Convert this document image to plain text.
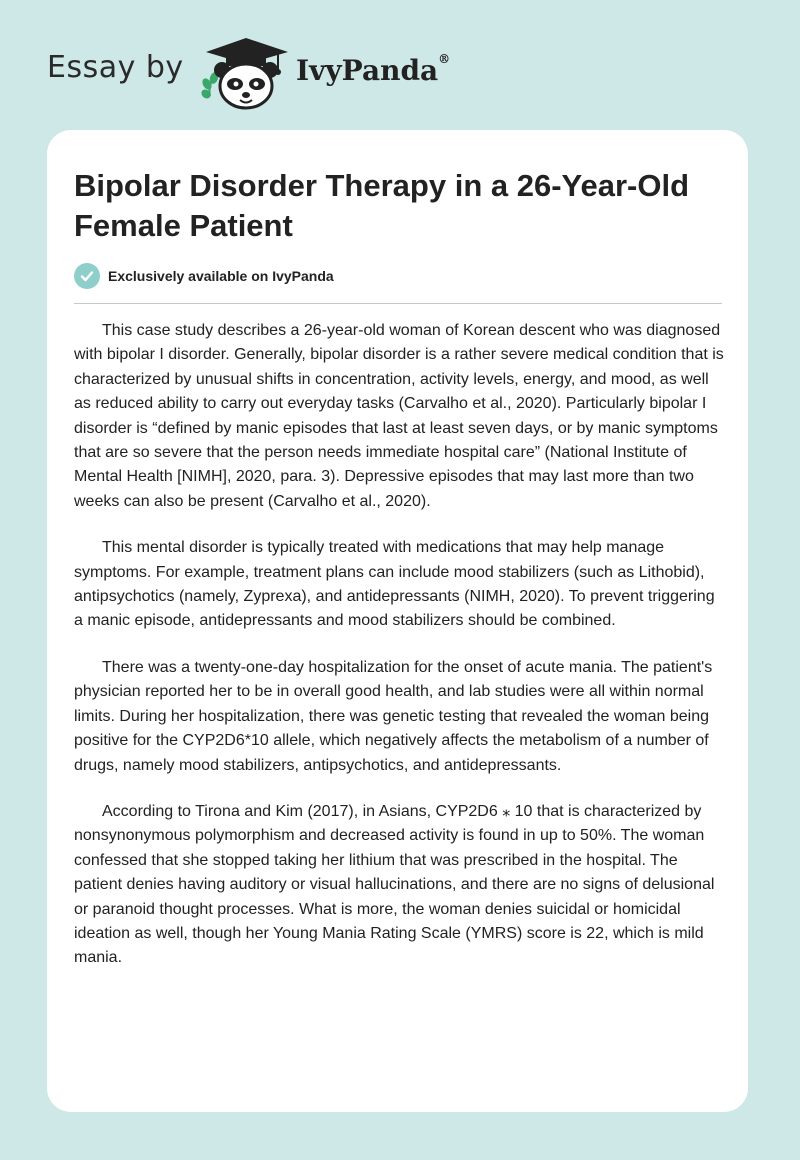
Essay by	IvyPanda®
Bipolar Disorder Therapy in a 26-Year-Old Female Patient
Exclusively available on IvyPanda

This case study describes a 26-year-old woman of Korean descent who was diagnosed with bipolar I disorder. Generally, bipolar disorder is a rather severe medical condition that is characterized by unusual shifts in concentration, activity levels, energy, and mood, as well as reduced ability to carry out everyday tasks (Carvalho et al., 2020). Particularly bipolar I disorder is “defined by manic episodes that last at least seven days, or by manic symptoms that are so severe that the person needs immediate hospital care” (National Institute of Mental Health [NIMH], 2020, para. 3). Depressive episodes that may last more than two weeks can also be present (Carvalho et al., 2020).

This mental disorder is typically treated with medications that may help manage symptoms. For example, treatment plans can include mood stabilizers (such as Lithobid), antipsychotics (namely, Zyprexa), and antidepressants (NIMH, 2020). To prevent triggering a manic episode, antidepressants and mood stabilizers should be combined.

There was a twenty-one-day hospitalization for the onset of acute mania. The patient's physician reported her to be in overall good health, and lab studies were all within normal limits. During her hospitalization, there was genetic testing that revealed the woman being positive for the CYP2D6*10 allele, which negatively affects the metabolism of a number of drugs, namely mood stabilizers, antipsychotics, and antidepressants.

According to Tirona and Kim (2017), in Asians, CYP2D6 ⁎ 10 that is characterized by nonsynonymous polymorphism and decreased activity is found in up to 50%. The woman confessed that she stopped taking her lithium that was prescribed in the hospital. The patient denies having auditory or visual hallucinations, and there are no signs of delusional or paranoid thought processes. What is more, the woman denies suicidal or homicidal ideation as well, though her Young Mania Rating Scale (YMRS) score is 22, which is mild mania.
